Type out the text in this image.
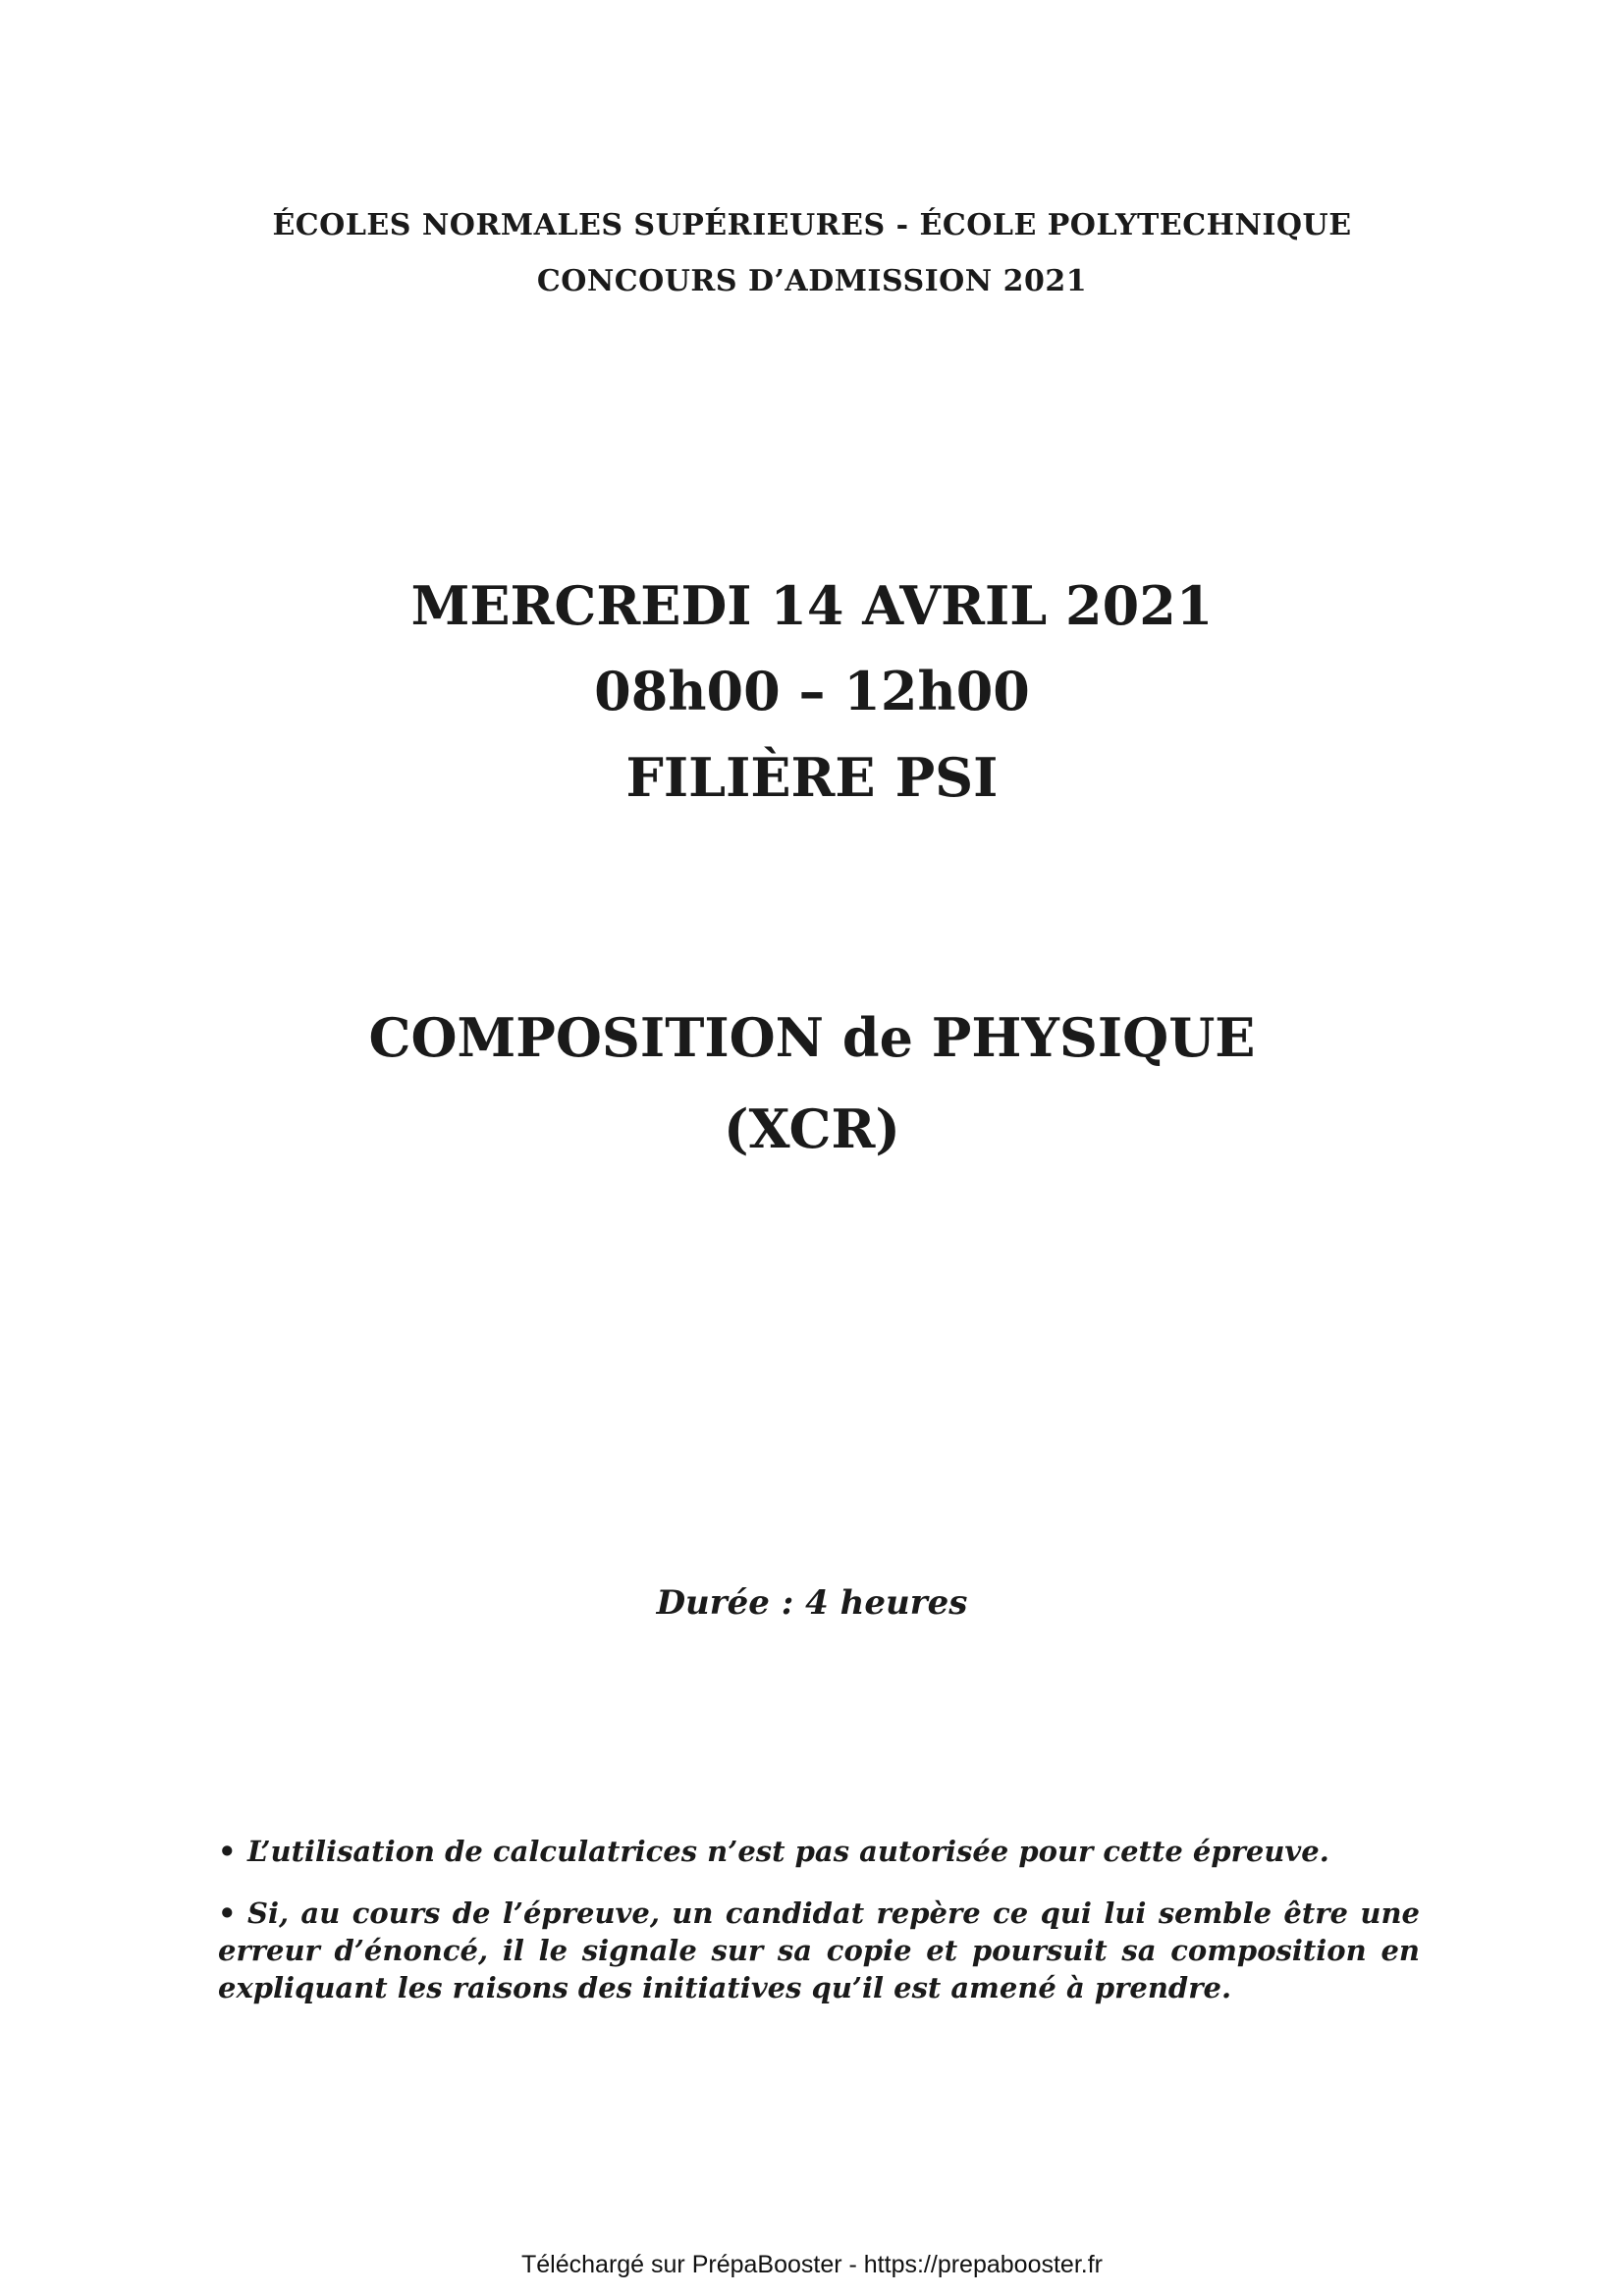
ÉCOLES NORMALES SUPÉRIEURES - ÉCOLE POLYTECHNIQUE
CONCOURS D’ADMISSION 2021
MERCREDI 14 AVRIL 2021
08h00 – 12h00
FILIÈRE PSI
COMPOSITION de PHYSIQUE
(XCR)
Durée : 4 heures
• L’utilisation de calculatrices n’est pas autorisée pour cette épreuve.
• Si, au cours de l’épreuve, un candidat repère ce qui lui semble être une erreur d’énoncé, il le signale sur sa copie et poursuit sa composition en expliquant les raisons des initiatives qu’il est amené à prendre.
Téléchargé sur PrépaBooster - https://prepabooster.fr
